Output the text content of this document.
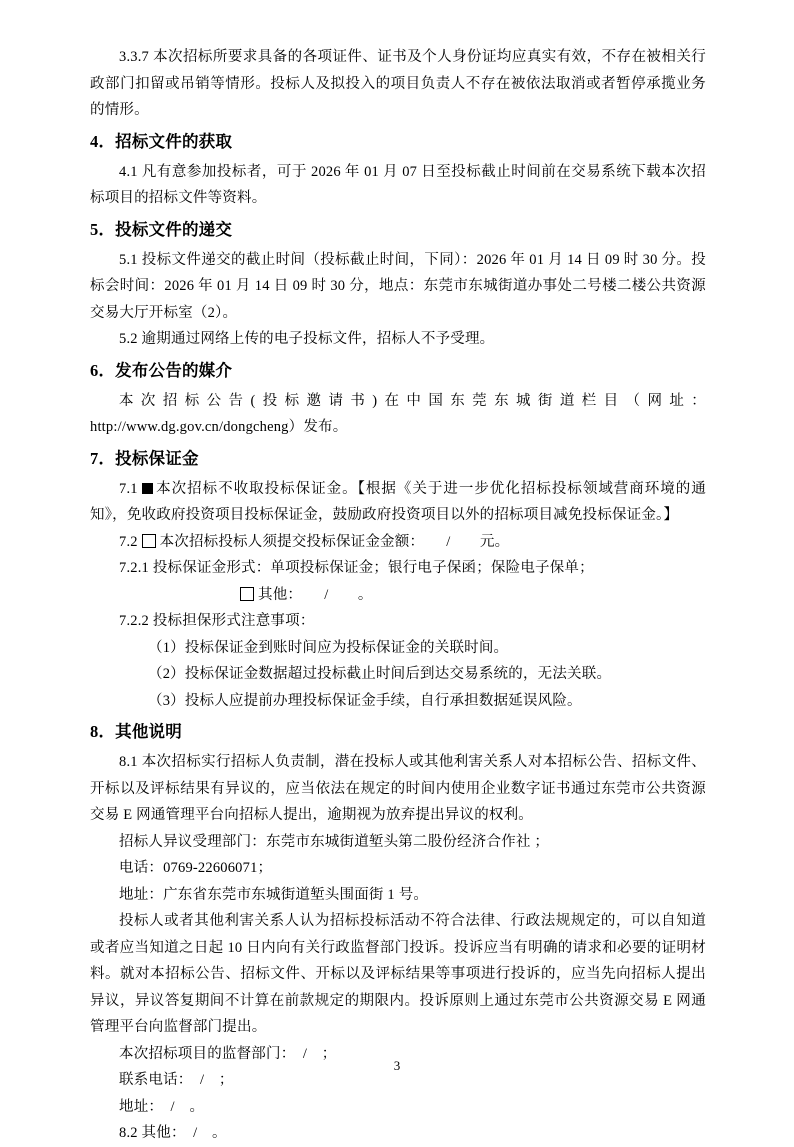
3.3.7 本次招标所要求具备的各项证件、证书及个人身份证均应真实有效，不存在被相关行政部门扣留或吊销等情形。投标人及拟投入的项目负责人不存在被依法取消或者暂停承揽业务的情形。

4．招标文件的获取

4.1 凡有意参加投标者，可于 2026 年 01 月 07 日至投标截止时间前在交易系统下载本次招标项目的招标文件等资料。

5．投标文件的递交

5.1 投标文件递交的截止时间（投标截止时间，下同）：2026 年 01 月 14 日 09 时 30 分。投标会时间：2026 年 01 月 14 日 09 时 30 分，地点：东莞市东城街道办事处二号楼二楼公共资源交易大厅开标室（2）。

5.2 逾期通过网络上传的电子投标文件，招标人不予受理。

6．发布公告的媒介

本次招标公告(投标邀请书)在中国东莞东城街道栏目（网址：http://www.dg.gov.cn/dongcheng）发布。

7．投标保证金

7.1 本次招标不收取投标保证金。【根据《关于进一步优化招标投标领域营商环境的通知》，免收政府投资项目投标保证金，鼓励政府投资项目以外的招标项目减免投标保证金。】

7.2 本次招标投标人须提交投标保证金金额：　　/　　元。

7.2.1 投标保证金形式：单项投标保证金；银行电子保函；保险电子保单；

其他：　　/　　。

7.2.2 投标担保形式注意事项：

（1）投标保证金到账时间应为投标保证金的关联时间。

（2）投标保证金数据超过投标截止时间后到达交易系统的，无法关联。

（3）投标人应提前办理投标保证金手续，自行承担数据延误风险。

8．其他说明

8.1 本次招标实行招标人负责制，潜在投标人或其他利害关系人对本招标公告、招标文件、开标以及评标结果有异议的，应当依法在规定的时间内使用企业数字证书通过东莞市公共资源交易 E 网通管理平台向招标人提出，逾期视为放弃提出异议的权利。

招标人异议受理部门：东莞市东城街道堑头第二股份经济合作社 ；

电话：0769-22606071；

地址：广东省东莞市东城街道堑头围面街 1 号。

投标人或者其他利害关系人认为招标投标活动不符合法律、行政法规规定的，可以自知道或者应当知道之日起 10 日内向有关行政监督部门投诉。投诉应当有明确的请求和必要的证明材料。就对本招标公告、招标文件、开标以及评标结果等事项进行投诉的，应当先向招标人提出异议，异议答复期间不计算在前款规定的期限内。投诉原则上通过东莞市公共资源交易 E 网通管理平台向监督部门提出。

本次招标项目的监督部门：　/　；

联系电话：　/　；

地址：　/　。

8.2 其他：　/　。

3
